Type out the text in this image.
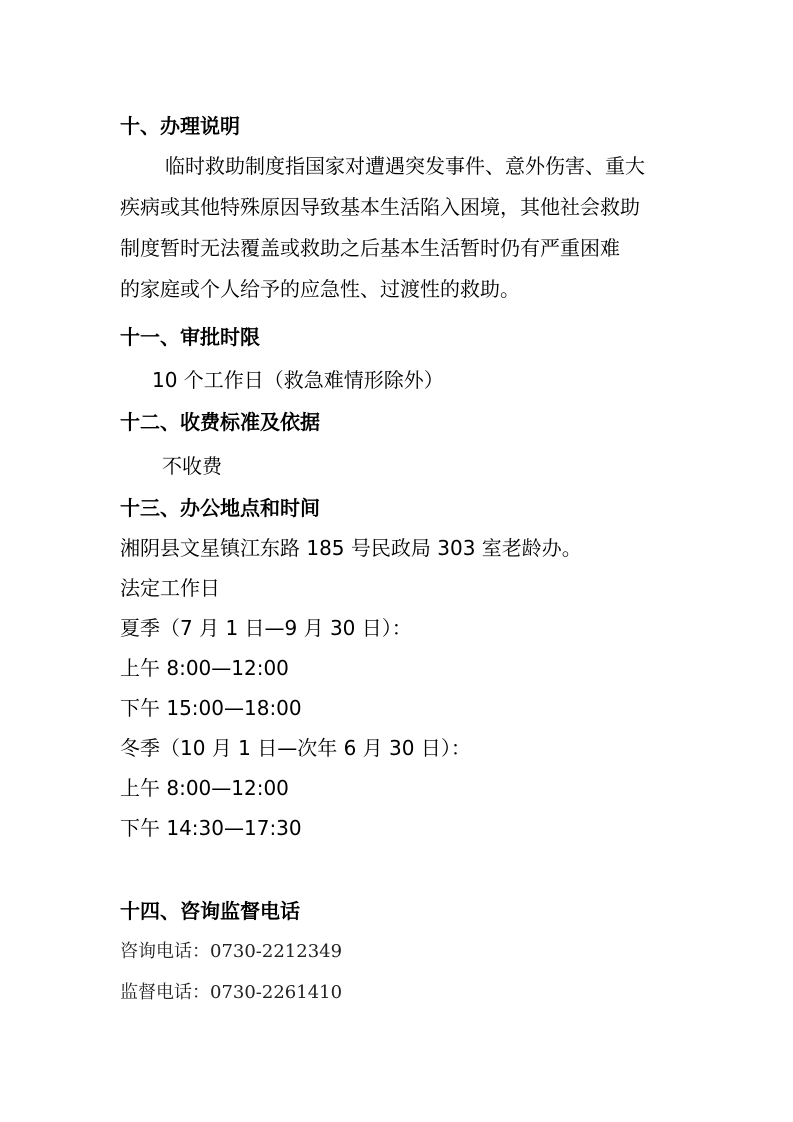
十、办理说明
临时救助制度指国家对遭遇突发事件、意外伤害、重大
疾病或其他特殊原因导致基本生活陷入困境，其他社会救助
制度暂时无法覆盖或救助之后基本生活暂时仍有严重困难
的家庭或个人给予的应急性、过渡性的救助。
十一、审批时限
10 个工作日（救急难情形除外）
十二、收费标准及依据
不收费
十三、办公地点和时间
湘阴县文星镇江东路 185 号民政局 303 室老龄办。
法定工作日
夏季（7 月 1 日—9 月 30 日）：
上午 8:00—12:00
下午 15:00—18:00
冬季（10 月 1 日—次年 6 月 30 日）：
上午 8:00—12:00
下午 14:30—17:30
十四、咨询监督电话
咨询电话：0730-2212349
监督电话：0730-2261410
